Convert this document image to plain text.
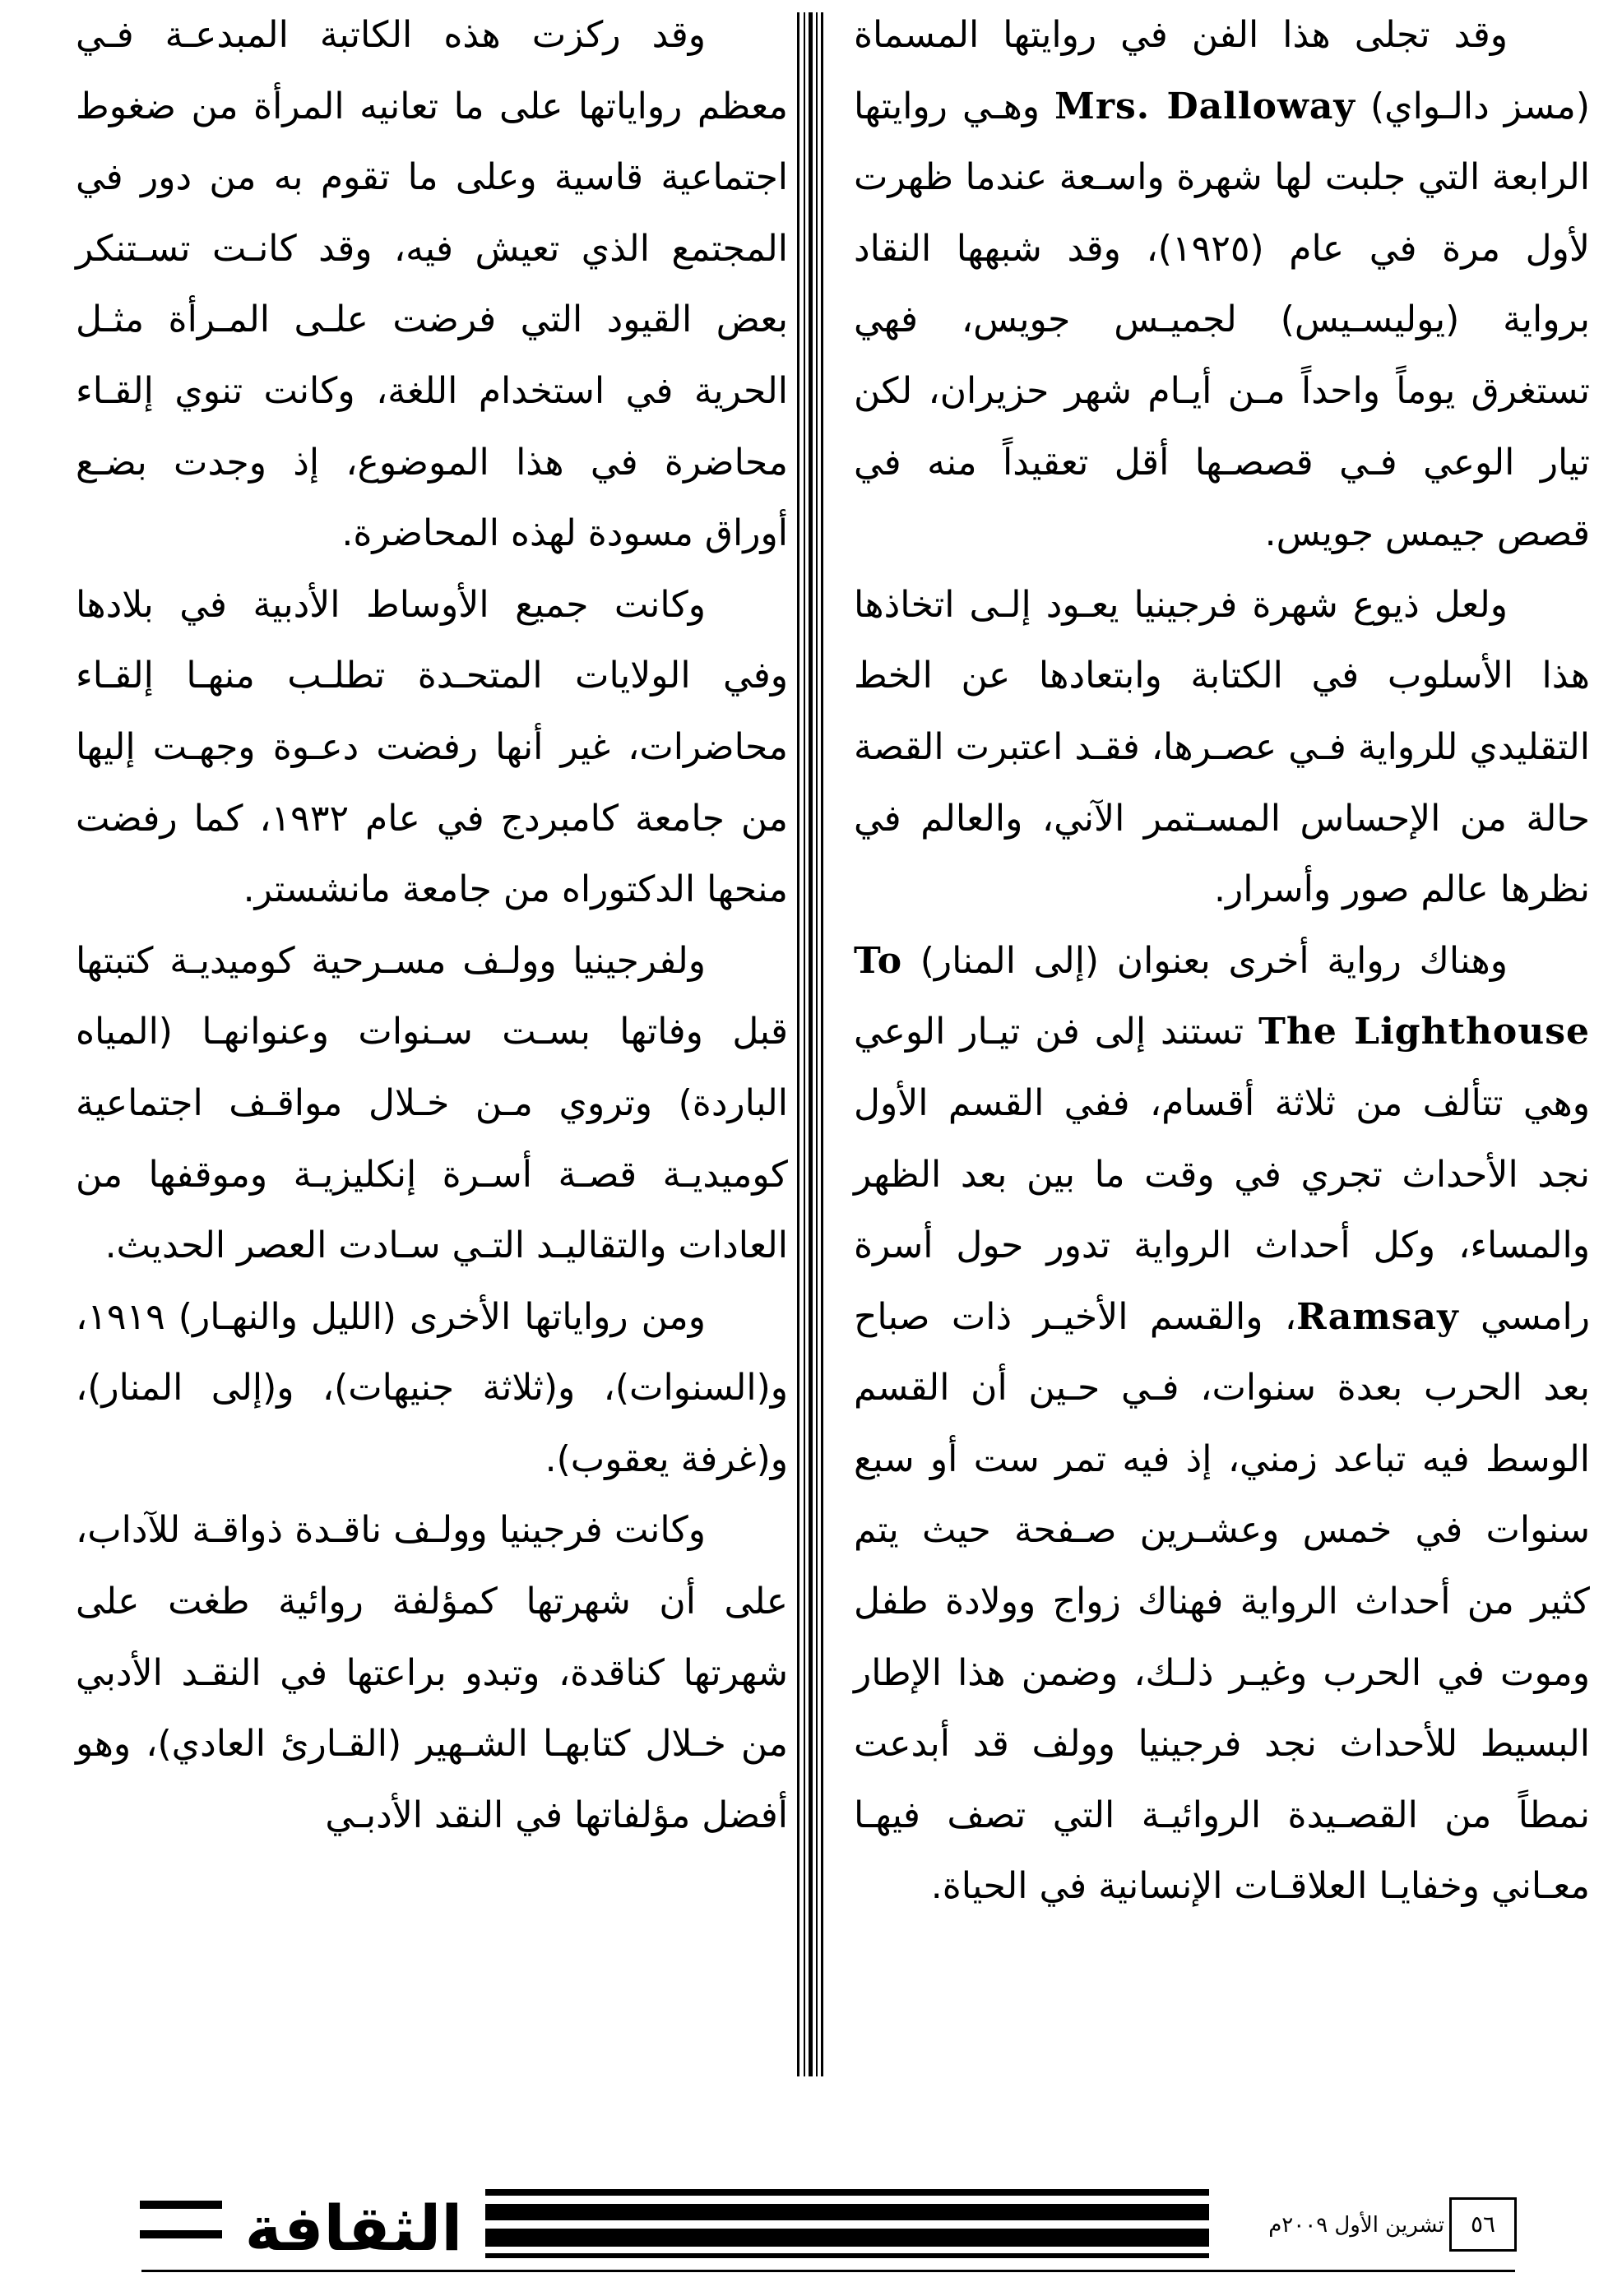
وقد تجلى هذا الفن في روايتها المسماة (مسز دالـواي) Mrs. Dalloway وهـي روايتها الرابعة التي جلبت لها شهرة واسـعة عندما ظهرت لأول مرة في عام (١٩٢٥)، وقد شبهها النقاد برواية (يوليسـيس) لجميـس جويس، فهي تستغرق يوماً واحداً مـن أيـام شهر حزيران، لكن تيار الوعي فـي قصصـها أقل تعقيداً منه في قصص جيمس جويس.

ولعل ذيوع شهرة فرجينيا يعـود إلـى اتخاذها هذا الأسلوب في الكتابة وابتعادها عن الخط التقليدي للرواية فـي عصـرها، فقـد اعتبرت القصة حالة من الإحساس المسـتمر الآني، والعالم في نظرها عالم صور وأسرار.

وهناك رواية أخرى بعنوان (إلى المنار) To The Lighthouse تستند إلى فن تيـار الوعي وهي تتألف من ثلاثة أقسام، ففي القسم الأول نجد الأحداث تجري في وقت ما بين بعد الظهر والمساء، وكل أحداث الرواية تدور حول أسرة رامسي Ramsay، والقسم الأخيـر ذات صباح بعد الحرب بعدة سنوات، فـي حـين أن القسم الوسط فيه تباعد زمني، إذ فيه تمر ست أو سبع سنوات في خمس وعشـرين صـفحة حيث يتم كثير من أحداث الرواية فهناك زواج وولادة طفل وموت في الحرب وغيـر ذلـك، وضمن هذا الإطار البسيط للأحداث نجد فرجينيا وولف قد أبدعت نمطاً من القصـيدة الروائيـة التي تصف فيهـا معـاني وخفايـا العلاقـات الإنسانية في الحياة.

وقد ركزت هذه الكاتبة المبدعـة فـي معظم رواياتها على ما تعانيه المرأة من ضغوط اجتماعية قاسية وعلى ما تقوم به من دور في المجتمع الذي تعيش فيه، وقد كانـت تسـتنكر بعض القيود التي فرضت علـى المـرأة مثـل الحرية في استخدام اللغة، وكانت تنوي إلقـاء محاضرة في هذا الموضوع، إذ وجدت بضـع أوراق مسودة لهذه المحاضرة.

وكانت جميع الأوساط الأدبية في بلادها وفي الولايات المتحـدة تطلـب منهـا إلقـاء محاضرات، غير أنها رفضت دعـوة وجهـت إليها من جامعة كامبردج في عام ١٩٣٢، كما رفضت منحها الدكتوراه من جامعة مانشستر.

ولفرجينيا وولـف مسـرحية كوميديـة كتبتها قبل وفاتها بسـت سـنوات وعنوانهـا (المياه الباردة) وتروي مـن خـلال مواقـف اجتماعية كوميديـة قصـة أسـرة إنكليزيـة وموقفها من العادات والتقاليـد التـي سـادت العصر الحديث.

ومن رواياتها الأخرى (الليل والنهـار) ١٩١٩، و(السنوات)، و(ثلاثة جنيهات)، و(إلى المنار)، و(غرفة يعقوب).

وكانت فرجينيا وولـف ناقـدة ذواقـة للآداب، على أن شهرتها كمؤلفة روائية طغت على شهرتها كناقدة، وتبدو براعتها في النقـد الأدبي من خـلال كتابهـا الشـهير (القـارئ العادي)، وهو أفضل مؤلفاتها في النقد الأدبـي

الثقافة	تشرين الأول ٢٠٠٩م	٥٦
